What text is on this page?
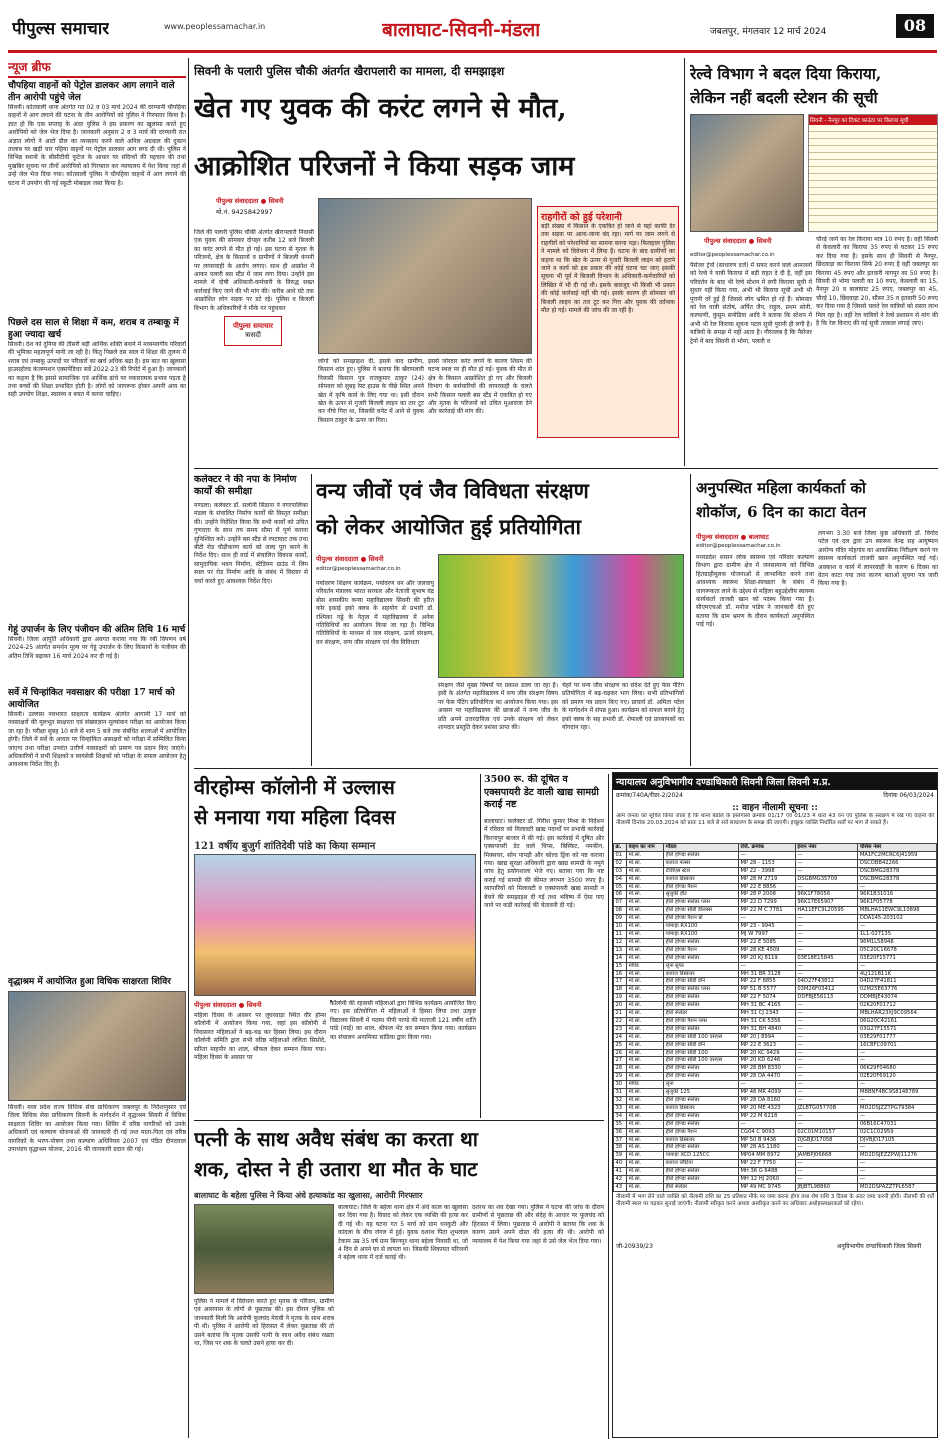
पीपुल्स समाचार	www.peoplessamachar.in	बालाघाट-सिवनी-मंडला	जबलपुर, मंगलवार 12 मार्च 2024	08
न्यूज ब्रीफ
चौपहिया वाहनों को पेट्रोल डालकर आग लगाने वाले तीन आरोपी पहुंचे जेल
सिवनी। कोतवाली थाना अंतर्गत गत 02 व 03 मार्च 2024 की दरम्यानी चौपहिया वाहनों में आग लगाने की घटना के तीन आरोपियों को पुलिस ने गिरफ्तार किया है। ज्ञात हो कि एक सप्ताह के अंदर पुलिस ने इस प्रकरण का खुलासा करते हुए आरोपियों को जेल भेज दिया है। जानकारी अनुसार 2 व 3 मार्च की दरम्यानी रात अज्ञात लोगों ने आटो डील का व्यवसाय करने वाले अनिल अग्रवाल की दुकान तालाब पर खड़ी चार पहिया वाहनों पर पेट्रोल डालकर आग लगा दी थी। पुलिस ने विभिन्न स्थानों के सीसीटीवी फुटेज के आधार पर संदिग्धों की पहचान की तथा मुखबिर सूचना पर तीनों आरोपियों को गिरफ्तार कर न्यायालय में पेश किया जहां से उन्हें जेल भेज दिया गया। कोतवाली पुलिस ने चौपहिया वाहनों में आग लगाने की घटना में उपयोग की गई स्कूटी मोबाइल जब्त किया है।
पिछले दस साल से शिक्षा में कम, शराब व तम्बाकू में हुआ ज्यादा खर्च
सिवनी। देश को दुनिया की तीसरी बड़ी आर्थिक शक्ति बनाने में मध्यमवर्गीय परिवारों की भूमिका महत्वपूर्ण मानी जा रही है। किंतु पिछले दस साल में शिक्षा की तुलना में शराब एवं तम्बाकू उत्पादों पर परिवारों का खर्च अधिक बढ़ा है। इस बात का खुलासा हाउसहोल्ड कंजम्पशन एक्सपेंडिचर सर्वे 2022-23 की रिपोर्ट में हुआ है। जानकारों का कहना है कि इससे सामाजिक एवं आर्थिक ढांचे पर नकारात्मक प्रभाव पड़ता है तथा बच्चों की शिक्षा प्रभावित होती है। लोगों को जागरूक होकर अपनी आय का सही उपयोग शिक्षा, स्वास्थ्य व बचत में करना चाहिए।
गेहूं उपार्जन के लिए पंजीयन की अंतिम तिथि 16 मार्च
सिवनी। जिला आपूर्ति अधिकारी द्वारा अवगत कराया गया कि रबी विपणन वर्ष 2024-25 अंतर्गत समर्थन मूल्य पर गेहूं उपार्जन के लिए किसानों के पंजीयन की अंतिम तिथि बढ़ाकर 16 मार्च 2024 कर दी गई है।
सर्वे में चिन्हांकित नवसाक्षर की परीक्षा 17 मार्च को आयोजित
सिवनी। उल्लास नवभारत साक्षरता कार्यक्रम अंतर्गत आगामी 17 मार्च को नवसाक्षरों की मूलभूत साक्षरता एवं संख्याज्ञान मूल्यांकन परीक्षा का आयोजन किया जा रहा है। परीक्षा सुबह 10 बजे से शाम 5 बजे तक संबंधित शालाओं में आयोजित होगी। जिले में सर्वे के आधार पर चिन्हांकित असाक्षरों को परीक्षा में सम्मिलित किया जाएगा तथा परीक्षा उपरांत उत्तीर्ण नवसाक्षरों को प्रमाण पत्र प्रदान किए जाएंगे। अधिकारियों ने सभी शिक्षकों व स्वयंसेवी शिक्षकों को परीक्षा के सफल आयोजन हेतु आवश्यक निर्देश दिए हैं।
वृद्धाश्रम में आयोजित हुआ विधिक साक्षरता शिविर
सिवनी। मध्य प्रदेश राज्य विधिक सेवा प्राधिकरण जबलपुर के निर्देशानुसार एवं जिला विधिक सेवा प्राधिकरण सिवनी के मार्गदर्शन में वृद्धाश्रम सिवनी में विधिक साक्षरता शिविर का आयोजन किया गया। शिविर में वरिष्ठ नागरिकों को उनके अधिकारों एवं कल्याण योजनाओं की जानकारी दी गई तथा माता-पिता एवं वरिष्ठ नागरिकों के भरण-पोषण तथा कल्याण अधिनियम 2007 एवं पंडित दीनदयाल उपाध्याय वृद्धाश्रम योजना, 2016 की जानकारी प्रदान की गई।
सिवनी के पलारी पुलिस चौकी अंतर्गत खैरापलारी का मामला, दी समझाइश
खेत गए युवक की करंट लगने से मौत,
आक्रोशित परिजनों ने किया सड़क जाम
पीपुल्स संवाददाता ● सिवनी
मो.नं. 9425842997
जिले की पलारी पुलिस चौकी अंतर्गत खैरापलारी निवासी एक युवक की सोमवार दोपहर करीब 12 बजे बिजली का करंट लगने से मौत हो गई। इस घटना से मृतक के परिजनों, क्षेत्र के किसानों व ग्रामीणों ने बिजली कंपनी पर लापरवाही के आरोप लगाए। साथ ही आक्रोश में आकर पलारी बस स्टैंड में जाम लगा दिया। उन्होंने इस मामले में दोषी अधिकारी-कर्मचारी के विरुद्ध सख्त कार्रवाई किए जाने की भी मांग की। करीब आधे घंटे तक आक्रोशित लोग सड़क पर डटे रहे। पुलिस व बिजली विभाग के अधिकारियों ने मौके पर पहुंचकर
लोगों को समझाइश दी, इसके बाद ग्रामीण, किसान शांत हुए। पुलिस ने बताया कि खैरापलारी निवासी किसान पुत्र राजकुमार ठाकुर (24) सोमवार को सुबह रेस्ट हाउस के पीछे स्थित अपने खेत में कृषि कार्य के लिए गया था। इसी दौरान खेत के ऊपर से गुजरी बिजली लाइन का तार टूट कर नीचे गिरा था, जिसकी चपेट में आने से युवक किसान ठाकुर के ऊपर जा गिरा।
इससे जोरदार करंट लगने के कारण शिवम की घटना स्थल पर ही मौत हो गई। युवक की मौत से क्षेत्र के किसान आक्रोशित हो गए और बिजली विभाग के कर्मचारियों की लापरवाही के चलते सभी किसान पलारी बस स्टैंड में एकत्रित हो गए और मृतक के परिजनों को उचित मुआवजा देने और कार्रवाई की मांग की।
पीपुल्स समाचार
त्रासदी
राहगीरों को हुई परेशानी
बड़ी संख्या में किसान के एकत्रित हो जाने से यहां काफी देर तक सड़क पर आना-जाना बंद रहा। मार्ग पर जाम लगने से राहगीरों को परेशानियों का सामना करना पड़ा। फिलहाल पुलिस ने मामले को विवेचना में लिया है। घटना के बाद ग्रामीणों का कहना था कि खेत के ऊपर से गुजरी बिजली लाइन को हटाने जाने व कार्य को इस प्रकार की कोई घटना घट जाए इसकी सूचना भी पूर्व में बिजली विभाग के अधिकारी-कर्मचारियों को लिखित में भी दी गई थी। इसके बावजूद भी किसी भी प्रकार की कोई कार्रवाई नहीं की गई। इसके कारण ही सोमवार को बिजली लाइन का तार टूट कर गिरा और युवक की दर्दनाक मौत हो गई। मामले की जांच की जा रही है।
रेल्वे विभाग ने बदल दिया किराया,
लेकिन नहीं बदली स्टेशन की सूची
सिवनी - नैनपुर का टिकट काउंटर पर किराया सूची
पीपुल्स संवाददाता ● सिवनी
editor@peoplessamachar.co.in
पैसेंजर ट्रेनों (साधारण दर्जे) में सफर करने वाले आमजनों को रेल्वे ने यात्री किराया में बड़ी राहत दे दी है, वहीं इस परिवर्तन के बाद भी रेल्वे स्टेशन में लगी किराया सूची में सुधार नहीं किया गया, अभी भी किराया सूची अभी भी पुरानी दरें हुई हैं जिससे लोग भ्रमित हो रहे हैं। सोमवार को रेल यात्री संतोष, अर्पित जैन, राहुल, प्रथम सोनी, कल्याणी, कुसुम सनोडिया आदि ने बताया कि स्टेशन में अभी भी रेल किराया सूचना पटल सूची पुरानी ही लगी है। यात्रियों के समझ में नहीं आता है। गौरतलब है कि पैसेंजर ट्रेनों में बाद सिवनी से भोमा, पलारी व
चौरई जाने का रेल किराया मात्र 10 रुपए है। वहीं सिवनी से केवलारी का किराया 35 रुपए से घटकर 15 रुपए कर दिया गया है। इसके साथ ही सिवनी से नैनपुर, छिंदवाड़ा का किराया सिर्फ 20 रुपए है वहीं जबलपुर का किराया 45 रुपए और इतवारी नागपुर का 50 रुपए है। सिवनी से भोमा पलारी का 10 रुपए, केवलारी का 15, नैनपुर 20 व बालाघाट 25 रुपए, जबलपुर का 45, चौरई 10, छिंदवाड़ा 20, सौसर 35 व इतवारी 50 रुपए कर दिया गया है जिससे चलते रेल यात्रियों को सस्ता लाभ मिल रहा है। वहीं रेल यात्रियों ने रेल्वे प्रशासन से मांग की है कि रेल किराए की नई सूची तत्काल लगाई जाए।
कलेक्टर ने की नपा के निर्माण कार्यों की समीक्षा
मण्डला। कलेक्टर डॉ. सलोनी सिडाना ने नगरपालिका मंडला के संचालित निर्माण कार्यों की विस्तृत समीक्षा की। उन्होंने निर्देशित किया कि सभी कार्यों को उचित गुणवत्ता के साथ तय समय सीमा में पूर्ण कराना सुनिश्चित करें। उन्होंने बस स्टैंड से रपटाघाट तक तथा बीटी रोड चौड़ीकरण कार्य को जल्द पूरा करने के निर्देश दिए। साथ ही वार्ड में संचालित विकास कार्यों, सामुदायिक भवन निर्माण, स्टेडियम ग्राउंड में लिम स्थल पर रोड निर्माण आदि के संबंध में विस्तार से चर्चा करते हुए आवश्यक निर्देश दिए।
वन्य जीवों एवं जैव विविधता संरक्षण
को लेकर आयोजित हुई प्रतियोगिता
पीपुल्स संवाददाता ● सिवनी
editor@peoplessamachar.co.in
पर्यावरण शिक्षण कार्यक्रम, पर्यावरण वन और जलवायु परिवर्तन मंत्रालय भारत सरकार और नेताजी सुभाष चंद्र बोस शासकीय कन्या महाविद्यालय सिवनी की हरित कोर इकाई इको क्लब के सहयोग से प्रभारी डॉ. रश्मिका गड्डे के नेतृत्व में महाविद्यालय में अनेक गतिविधियों का आयोजन किया जा रहा है। विभिन्न गतिविधियों के माध्यम से जल संरक्षण, ऊर्जा संरक्षण, वन संरक्षण, वन्य जीव संरक्षण एवं जैव विविधता
संरक्षण जैसे मुख्य विषयों पर प्रकाश डाला जा रहा है। इसी के अंतर्गत महाविद्यालय में वन्य जीव संरक्षण विषय पर फेस पेंटिंग प्रतियोगिता का आयोजन किया गया। इस अवसर पर महाविद्यालय की छात्राओं ने वन्य जीव के प्रति अपने उत्तरदायित्व एवं उनके संरक्षण को लेकर शानदार प्रस्तुति देकर प्रशंसा प्राप्त की।
चेहरे पर वन्य जीव संरक्षण का संदेश देते हुए फेस पेंटिंग प्रतियोगिता में बढ़-चढ़कर भाग लिया। सभी प्रतिभागियों को प्रमाण पत्र प्रदान किए गए। प्राचार्य डॉ. अमिता पटेल के मार्गदर्शन में संपन्न हुआ। कार्यक्रम को सफल बनाने हेतु इको क्लब के सह प्रभारी डॉ. शेफाली एवं प्राध्यापकों का योगदान रहा।
अनुपस्थित महिला कार्यकर्ता को
शोकॉज, 6 दिन का काटा वेतन
पीपुल्स संवाददाता ● बालाघाट
editor@peoplessamachar.co.in
मध्यप्रदेश शासन लोक स्वास्थ्य एवं परिवार कल्याण विभाग द्वारा ग्रामीण क्षेत्र में जनसामान्य को विभिन्न हितग्राहीमूलक योजनाओं से लाभान्वित करने तथा आवश्यक स्वास्थ्य शिक्षा-स्वच्छता के संबंध में जागरूकता लाने के उद्देश्य से महिला बहुउद्देशीय स्वास्थ्य कार्यकर्ता ताजवी खान को पदस्थ किया गया है। सीएमएचओ डॉ. मनोज पांडेय ने जानकारी देते हुए बताया कि ग्राम भ्रमण के दौरान कार्यकर्ता अनुपस्थित पाई गई।
लगभग 3:30 बजे जिला कुष्ठ अधिकारी डॉ. विनोद पटेल एवं दल द्वारा उप स्वास्थ्य केन्द्र सह आयुष्मान आरोग्य मंदिर मोहगांव का आकस्मिक निरीक्षण करने पर स्वास्थ्य कार्यकर्ता ताजवी खान अनुपस्थित पाई गई। अवकाश व कार्य में लापरवाही के कारण 6 दिवस का वेतन काटा गया तथा कारण बताओ सूचना पत्र जारी किया गया है।
वीरहोम्स कॉलोनी में उल्लास
से मनाया गया महिला दिवस
121 वर्षीय बुजुर्ग शांतिदेवी पांडे का किया सम्मान
पीपुल्स संवाददाता ● सिवनी
महिला दिवस के अवसर पर लूघरवाड़ा स्थित वीर होम्स कॉलोनी में आयोजन किया गया, जहां इस कॉलोनी में निवासरत महिलाओं ने बढ़-चढ़ कर हिस्सा लिया। इस दौरान कॉलोनी समिति द्वारा सभी वरिष्ठ महिलाओं ललिता सिसोदे, सरिता माहपौर का शाल, श्रीफल देकर सम्मान किया गया। महिला दिवस के अवसर पर
कॉलोनी की रहवासी महिलाओं द्वारा विभिन्न कार्यक्रम आयोजित किए गए। इस प्रतियोगिता में महिलाओं ने हिस्सा लिया तथा उत्कृष्ट विद्यालय सिवनी में पदस्थ पीपी पाण्डे की माताजी 121 वर्षीय शांति पांडे (माई) का शाल, श्रीफल भेंट कर सम्मान किया गया। कार्यक्रम का संचालन अनामिका सांडिया द्वारा किया गया।
3500 रू. की दूषित व एक्सपायरी डेट वाली खाद्य सामग्री कराई नष्ट
बालाघाट। कलेक्टर डॉ. गिरीश कुमार मिश्रा के निर्देशन में रविवार को मिलावटी खाद्य पदार्थों पर प्रभावी कार्रवाई किरनापुर बाजार में की गई। इस कार्रवाई में दूषित और एक्सपायरी डेट वाले चिप्स, बिस्किट, नमकीन, मिक्सचर, सोन पापड़ी और कोल्ड ड्रिंक को नष्ट कराया गया। खाद्य सुरक्षा अधिकारी द्वारा खाद्य सामग्री के नमूने जांच हेतु प्रयोगशाला भेजे गए। बताया गया कि नष्ट कराई गई सामग्री की कीमत लगभग 3500 रुपए है। व्यापारियों को मिलावटी व एक्सपायरी खाद्य सामग्री न बेचने की समझाइश दी गई तथा भविष्य में ऐसा पाए जाने पर कड़ी कार्रवाई की चेतावनी दी गई।
न्यायालय अनुविभागीय दण्डाधिकारी सिवनी जिला सिवनी म.प्र.
क्रमांक/740A/रीडर-2/2024	दिनांक 06/03/2024
:: वाहन नीलामी सूचना ::
आम जनता को सूचित किया जाता है कि थाना बंडोल के इस्तगासा क्रमांक 01/17 एवं 01/23 में धारा 43 वन एवं पुलिस के संरक्षण में रखे गए वाहनों की नीलामी दिनांक 20.03.2024 को प्रातः 11 बजे से सर्व साधारण के समक्ष की जाएगी। इच्छुक व्यक्ति निर्धारित शर्तों पर भाग ले सकते हैं।
क्र.	वाहन का नाम	माॅडल	रजि. क्रमांक	इंजन नंबर	चेसिस नंबर
01	मो.सा.	हीरो होण्डा स्प्लेंडर	—	—	MA1FC2MCRC6J41959
02	मो.सा.	बजाज पल्सर	MP 28 - 1153	—	DSCOBB42266
03	मो.सा.	टीवीएस स्टार	MP 22 - 3998	—	DSCBMG28378
04	मो.सा.	बजाज डिस्कवर	MP 28 M 2719	DSGBMG35709	DSCBMG28378
05	मो.सा.	हीरो होण्डा पैशन	MP 22 E 8856	—	—
06	मो.सा.	सुजुकी हीट	MP 28 P 2008	96K1F78056	96K1B31016
07	मो.सा.	हीरो होण्डा स्प्लेंडर प्लस	MP 22 D 7299	96K17E65907	96K1F05778
08	मो.सा.	हीरो होण्डा सीडी डीलक्स	MP 22 M C 7781	HA11EFC9L20595	MBLHA11EWC9L10898
09	मो.सा.	हीरो होण्डा पैशन प्रो	—	—	DDA145-203102
10	मो.सा.	यामाहा RX100	MP 23 - 9945	—	—
11	मो.सा.	यामाहा RX100	MJ W 7997	—	1L1-027135
12	मो.सा.	हीरो होण्डा स्प्लेंडर	MP 22 E 5085	—	96M1L58948
13	मो.सा.	हीरो होण्डा पैशन	MP 28 KE 4509	—	05C20C16678
14	मो.सा.	हीरो होण्डा स्प्लेंडर	MP 20 KJ 8119	03E18E15845	03E20F15771
15	मोपेड	लूना सुपर	—	—	—
16	मो.सा.	बजाज डिस्कवर	MH 31 BR 3128	—	4LJ121B11K
17	मो.सा.	हीरो होण्डा सीडी डाॅन	MP 22 F 8855	04D27F43812	04D27F41811
18	मो.सा.	हीरो होण्डा स्प्लेंडर प्लस	MP 51 B 5577	03M26F03412	02M25E63776
19	मो.सा.	हीरो होण्डा स्प्लेंडर	MP 22 F 5074	DDFBJE56113	DDMBJE43074
20	मो.सा.	हीरो होण्डा स्प्लेंडर	MH 31 BC 4165	—	02K20F01712
21	मो.सा.	हीरो स्प्लेंडर	MH 31 CJ 2343	—	MBLHAR23XJ9C09564
22	मो.सा.	हीरो होण्डा पैशन प्लस	MH 31 CK 5356	—	06G20C42161
23	मो.सा.	हीरो होण्डा स्प्लेंडर	MH 31 BH 4840	—	03G27F15571
24	मो.सा.	हीरो होण्डा सीडी 100 एसएस	MP 20 J 8994	—	03E29F01777
25	मो.सा.	हीरो होण्डा सीडी डाॅन	MP 22 E 3623	—	16CBFC09701
26	मो.सा.	हीरो होण्डा सीडी 100	MP 20 KC 9429	—	—
27	मो.सा.	हीरो होण्डा सीडी 100 एसएस	MP 20 KD 6246	—	—
28	मो.सा.	हीरो होण्डा स्प्लेंडर	MP 28 BM 8330	—	06K29F04680
29	मो.सा.	हीरो होण्डा स्प्लेंडर	MP 28 DA 4470	—	02E20F69120
30	मोपेड	लूना	—	—	—
31	मो.सा.	सुजुकी 125	MP 48 MR 4099	—	MBBNF4BC9S8148789
32	मो.सा.	हीरो होण्डा स्प्लेंडर	MP 28 DA 8160	—	—
33	मो.सा.	बजाज डिस्कवर	MP 20 ME 4323	JZLBTG05770B	MD2DSJZZTPG79384
34	मो.सा.	हीरो होण्डा स्प्लेंडर	MP 22 M 6218	—	—
35	मो.सा.	हीरो होण्डा स्प्लेंडर	—	—	06B16C47031
36	मो.सा.	हीरो होण्डा पैशन	CG04 C 9093	02C01M10157	02C1C02959
37	मो.सा.	बजाज डिस्कवर	MP 50 B 9436	DJGBJD17058	DJVBJD17105
38	मो.सा.	हीरो होण्डा स्प्लेंडर	MP 28 AS 1180	—	—
39	मो.सा.	यामाहा XCD 125CC	MP04 MM 8972	JAMBPJ06668	MD2DSJEZZPWJ11276
40	मो.सा.	बजाज प्लैटिना	MP 22 F 7750	—	—
41	मो.सा.	हीरो होण्डा स्प्लेंडर	MH 36 G 6488	—	—
42	मो.सा.	हीरो होण्डा स्प्लेंडर	MH 12 HJ 2060	—	—
43	मो.सा.	हीरो स्प्लेंडर	MP 49 MC 9745	JBJBTL98860	MD2DSPAZZTPL6587
नीलामी में भाग लेने वाले व्यक्ति को नीलामी राशि का 25 प्रतिशत मौके पर जमा करना होगा तथा शेष राशि 3 दिवस के अंदर जमा करनी होगी। नीलामी की शर्तें नीलामी स्थल पर पढ़कर सुनाई जाएंगी। नीलामी स्वीकृत करने अथवा अस्वीकृत करने का अधिकार अधोहस्ताक्षरकर्ता को रहेगा।
जी-20939/23	अनुविभागीय दण्डाधिकारी जिला सिवनी
पत्नी के साथ अवैध संबंध का करता था
शक, दोस्त ने ही उतारा था मौत के घाट
बालाघाट के बहेला पुलिस ने किया अंधे हत्याकांड का खुलासा, आरोपी गिरफ्तार
बालाघाट। जिले के बहेला थाना क्षेत्र में अंधे कत्ल का खुलासा कर दिया गया है। विवाद को लेकर एक व्यक्ति की हत्या कर दी गई थी। यह घटना गत 5 मार्च को ग्राम धनकुटी और कांदला के बीच जंगल में हुई। युवक दशरथ पिता शुभलाल टेकाम उम्र 35 वर्ष ग्राम बिरनपुर थाना बहेला निवासी था, जो 4 दिन से अपने घर से लापता था। जिसकी शिकायत परिजनों ने बहेला थाना में दर्ज कराई थी।
पुलिस ने मामले में विवेचना करते हुए मृतक के परिजन, ग्रामीण एवं आसपास के लोगों से पूछताछ की। इस दौरान पुलिस को जानकारी मिली कि आरोपी फूलचंद मेरावी ने मृतक के साथ शराब पी थी। पुलिस ने आरोपी को हिरासत में लेकर पूछताछ की तो उसने बताया कि मृतक उसकी पत्नी के साथ अवैध संबंध रखता था, जिस पर शक के चलते उसने हत्या कर दी।
दशरथ का शव देखा गया। पुलिस ने घटना की जांच के दौरान ग्रामीणों से पूछताछ की और संदेह के आधार पर फूलचंद को हिरासत में लिया। पूछताछ में आरोपी ने बताया कि शक के कारण उसने अपने दोस्त की हत्या की थी। आरोपी को न्यायालय में पेश किया गया जहां से उसे जेल भेज दिया गया।
